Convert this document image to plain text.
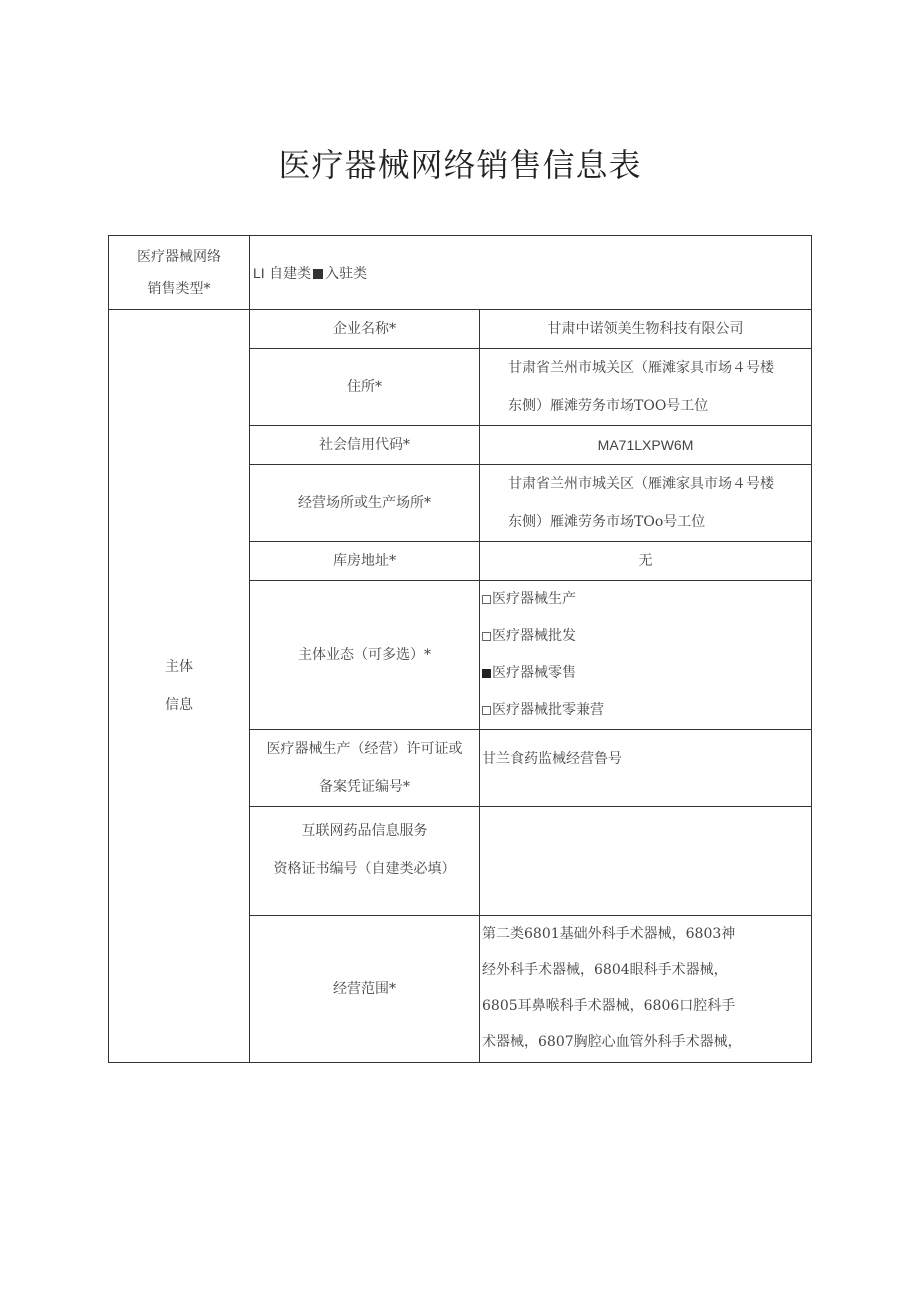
医疗器械网络销售信息表
医疗器械网络
销售类型*	LI 自建类 入驻类	

主体
信息	企业名称*	甘肃中诺领美生物科技有限公司
	住所*	甘肃省兰州市城关区（雁滩家具市场４号楼
东侧）雁滩劳务市场TOO号工位

	社会信用代码*	MA71LXPW6M
	经营场所或生产场所*	甘肃省兰州市城关区（雁滩家具市场４号楼
东侧）雁滩劳务市场TOo号工位

	库房地址*	无
	主体业态（可多选）*	医疗器械生产
医疗器械批发
医疗器械零售
医疗器械批零兼营

	医疗器械生产（经营）许可证或
备案凭证编号*	甘兰食药监械经营鲁号

	互联网药品信息服务
资格证书编号（自建类必填）	

	经营范围*	第二类6801基础外科手术器械，6803神
经外科手术器械，6804眼科手术器械，
6805耳鼻喉科手术器械，6806口腔科手
术器械，6807胸腔心血管外科手术器械，
